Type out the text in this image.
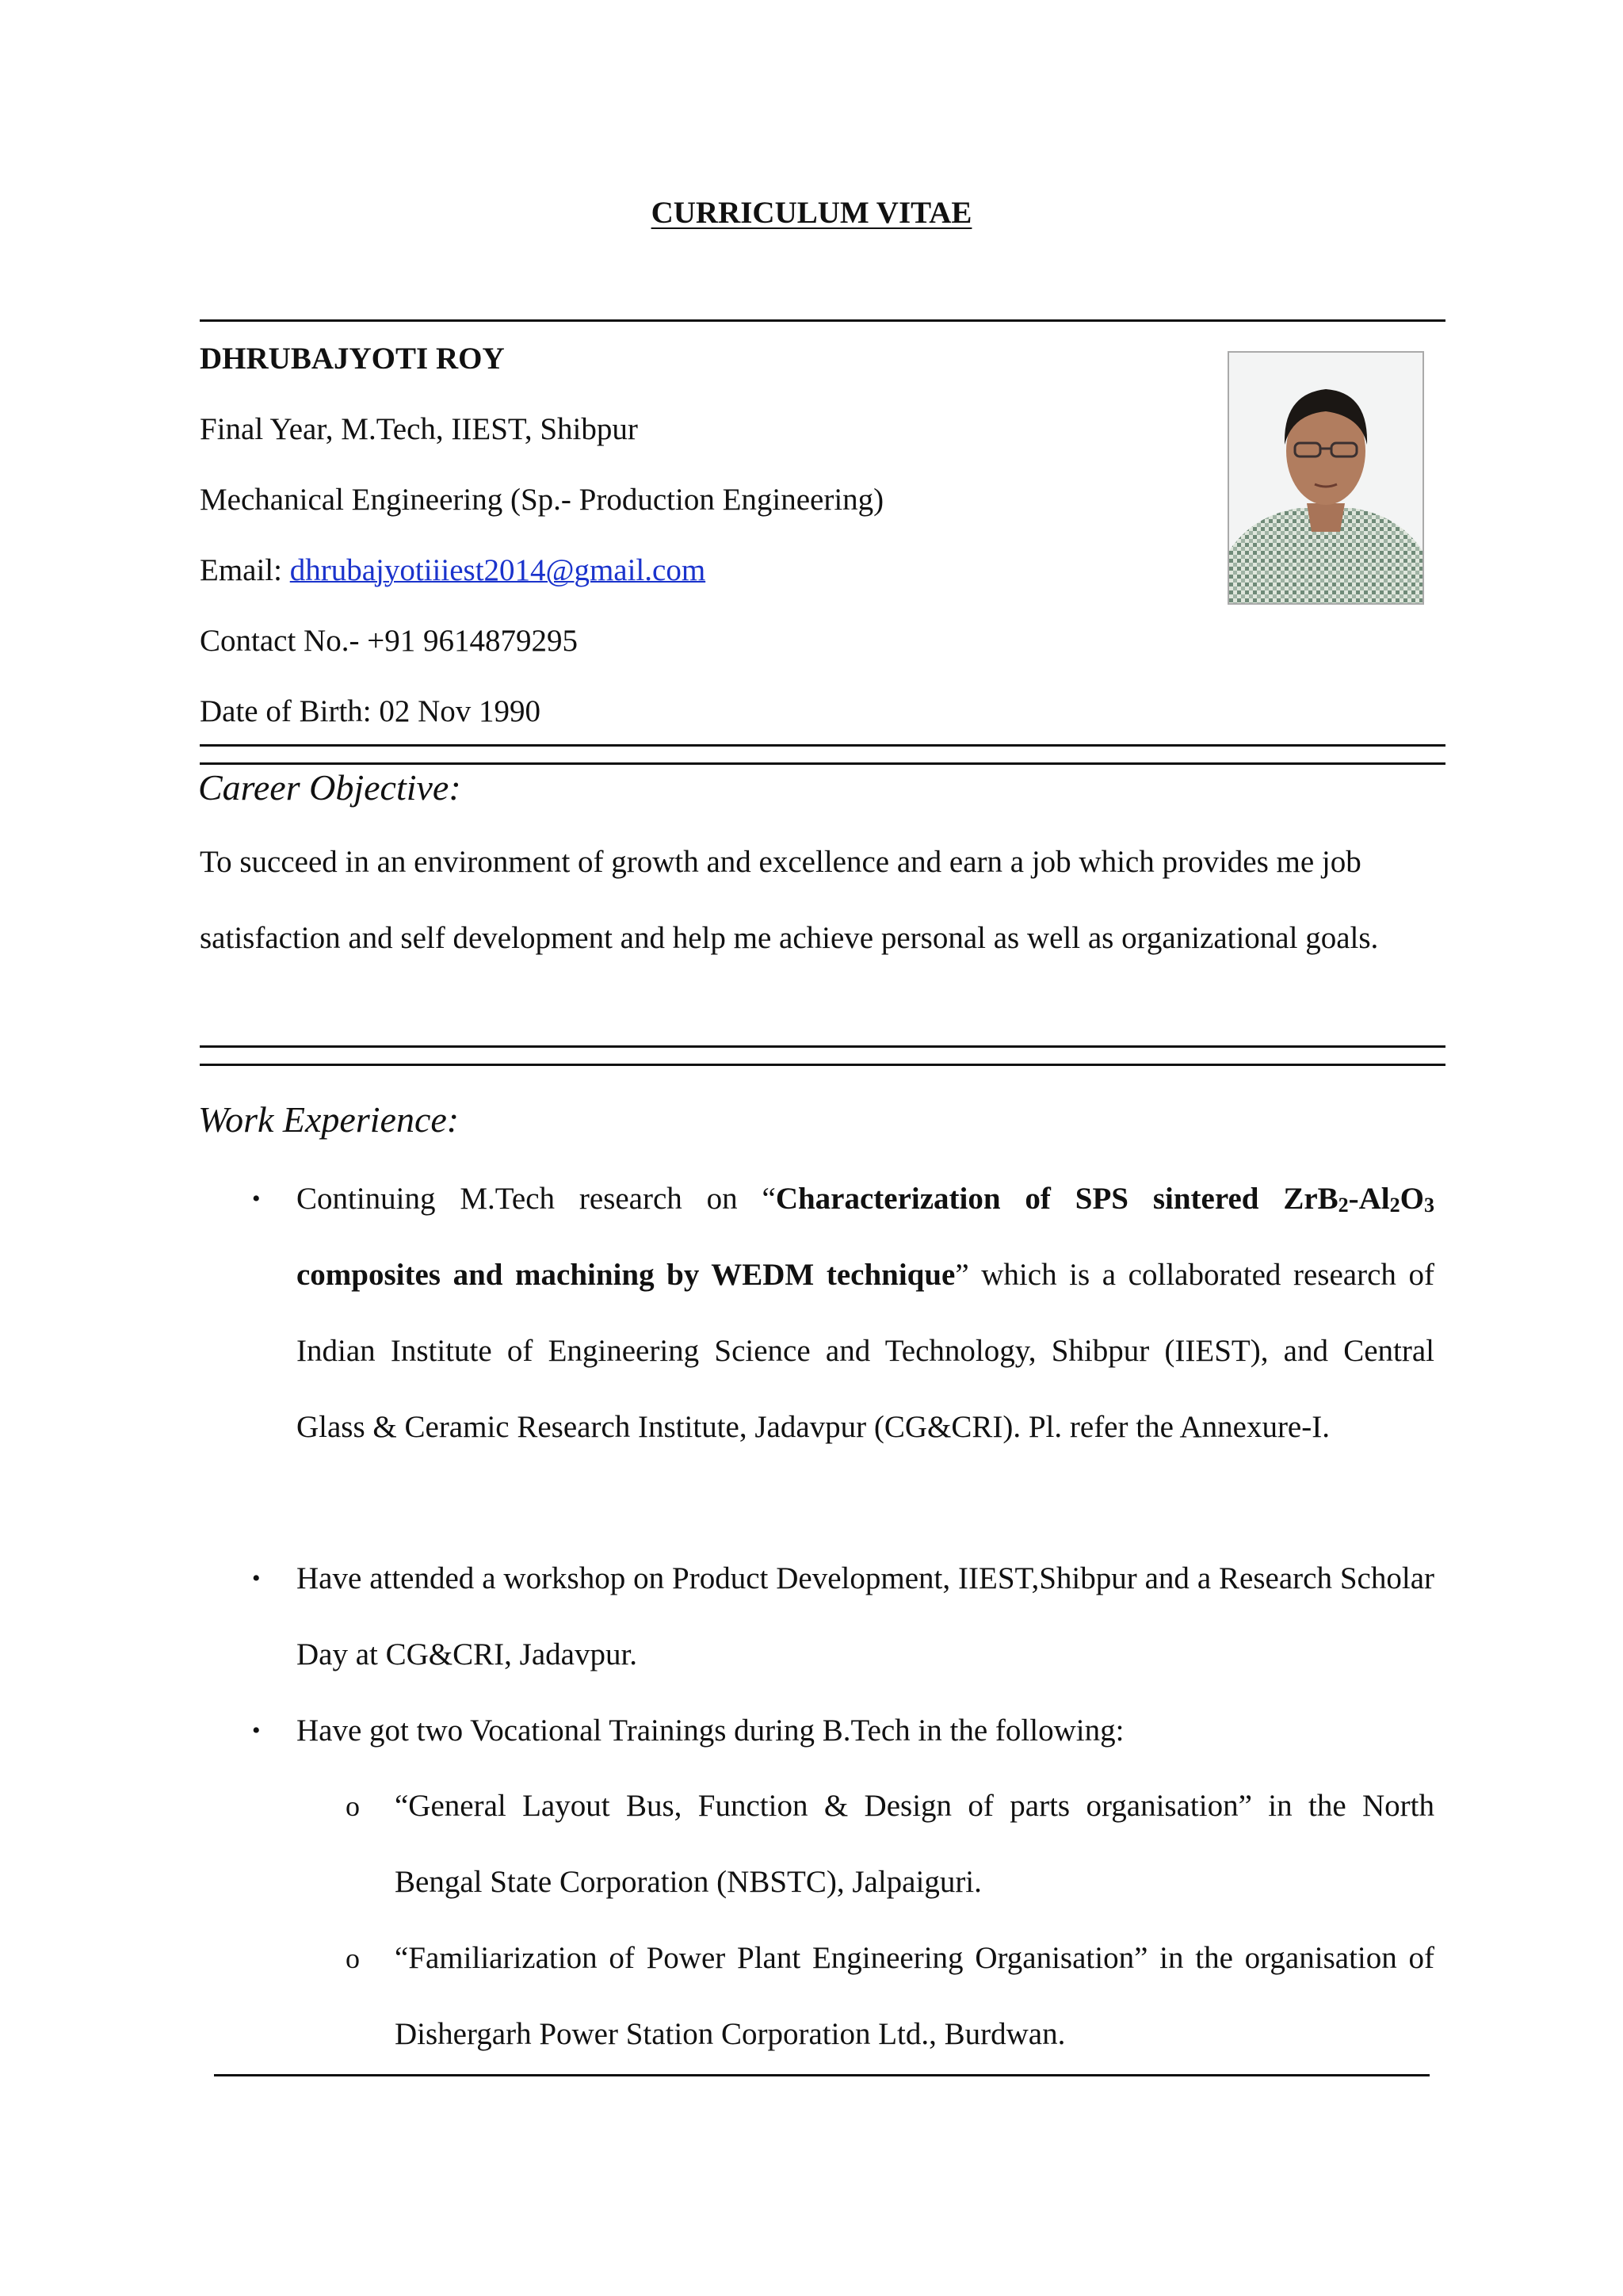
CURRICULUM VITAE
DHRUBAJYOTI ROY
Final Year, M.Tech, IIEST, Shibpur
Mechanical Engineering (Sp.- Production Engineering)
Email: dhrubajyotiiiest2014@gmail.com
Contact No.- +91 9614879295
Date of Birth: 02 Nov 1990
Career Objective:
To succeed in an environment of growth and excellence and earn a job which provides me job satisfaction and self development and help me achieve personal as well as organizational goals.
Work Experience:
• Continuing M.Tech research on “Characterization of SPS sintered $ZrB_2-Al_2O_3$ composites and machining by WEDM technique” which is a collaborated research of Indian Institute of Engineering Science and Technology, Shibpur (IIEST), and Central Glass & Ceramic Research Institute, Jadavpur (CG&CRI). Pl. refer the Annexure-I.
• Have attended a workshop on Product Development, IIEST,Shibpur and a Research Scholar Day at CG&CRI, Jadavpur.
• Have got two Vocational Trainings during B.Tech in the following:
o “General Layout Bus, Function & Design of parts organisation” in the North Bengal State Corporation (NBSTC), Jalpaiguri.
o “Familiarization of Power Plant Engineering Organisation” in the organisation of Dishergarh Power Station Corporation Ltd., Burdwan.
